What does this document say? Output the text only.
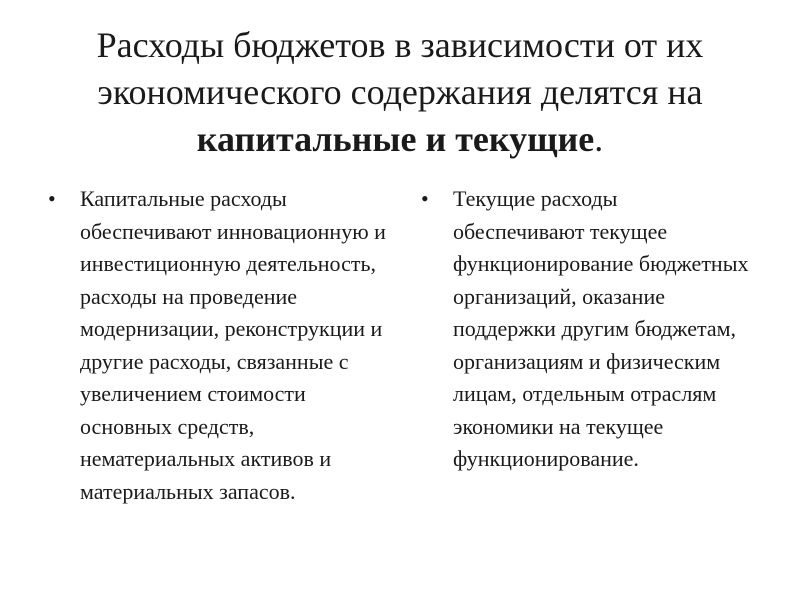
Расходы бюджетов в зависимости от их экономического содержания делятся на
капитальные и текущие.
•	Капитальные расходы обеспечивают инновационную и инвестиционную деятельность, расходы на проведение модернизации, реконструкции и другие расходы, связанные с увеличением стоимости основных средств, нематериальных активов и материальных запасов.
•	Текущие расходы обеспечивают текущее функционирование бюджетных организаций, оказание поддержки другим бюджетам, организациям и физическим лицам, отдельным отраслям экономики на текущее функционирование.
